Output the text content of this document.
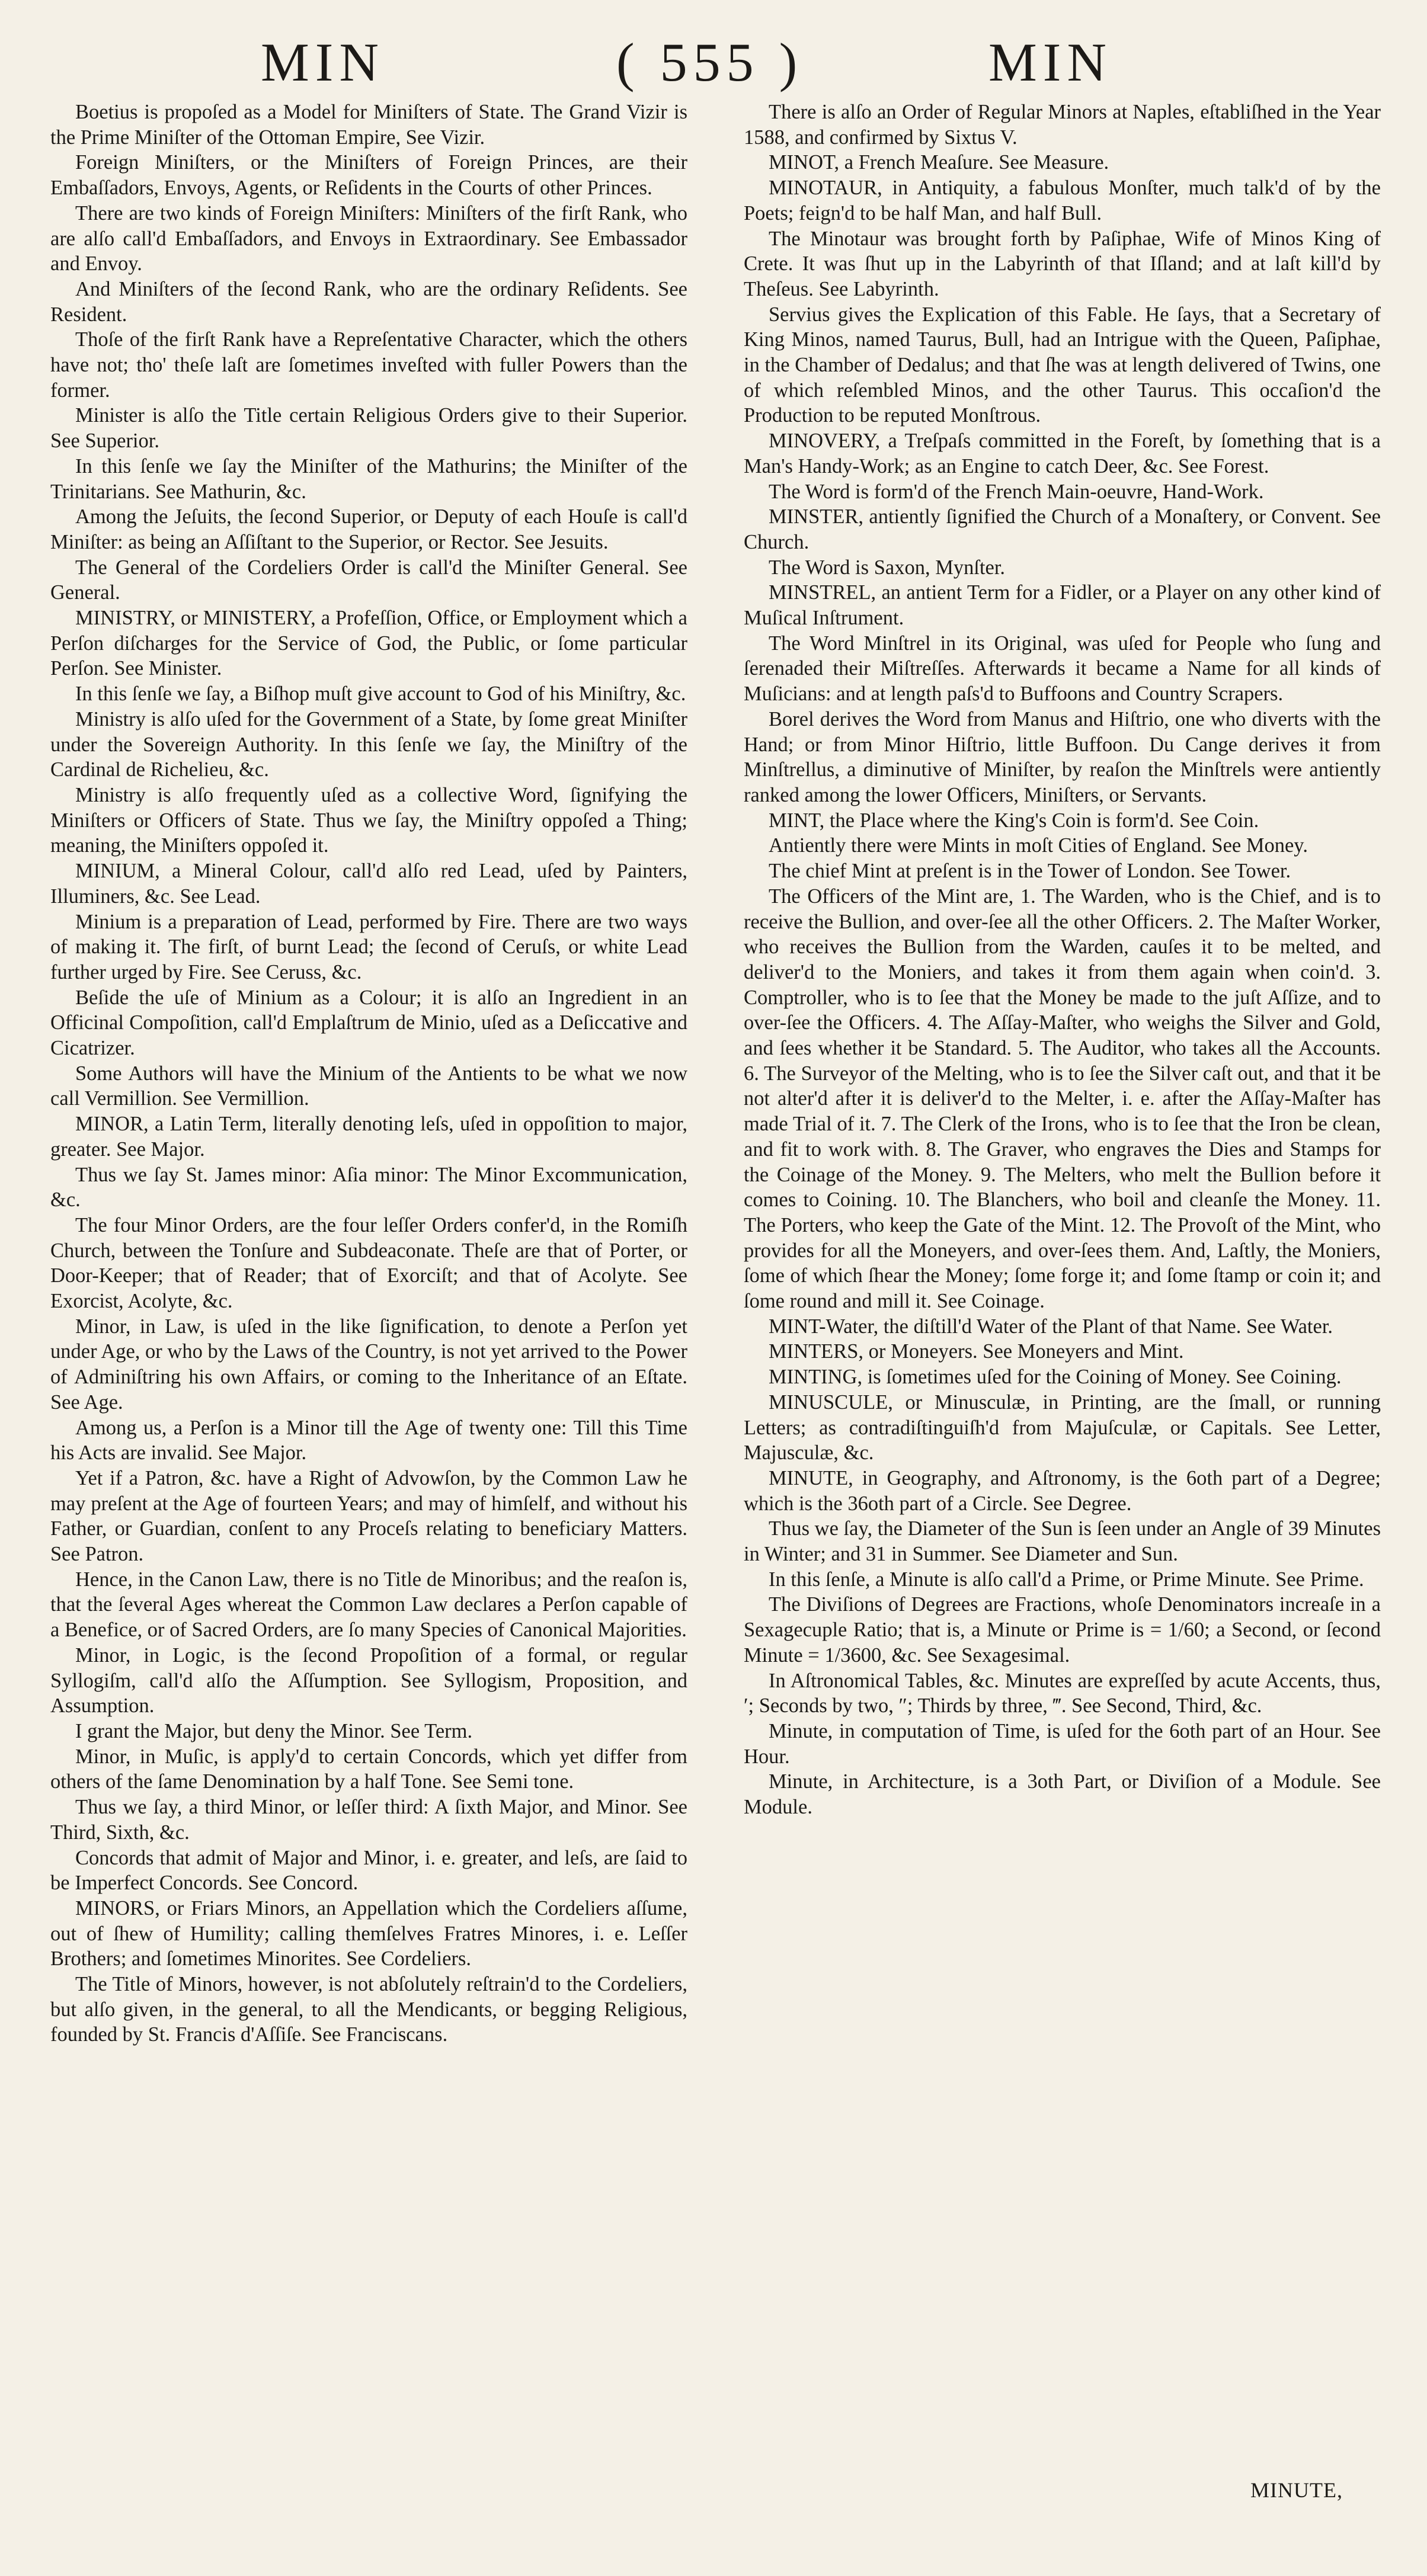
MIN	( 555 )	MIN

Boetius is propoſed as a Model for Miniſters of State. The Grand Vizir is the Prime Miniſter of the Ottoman Empire, See Vizir.

Foreign Miniſters, or the Miniſters of Foreign Princes, are their Embaſſadors, Envoys, Agents, or Reſidents in the Courts of other Princes.

There are two kinds of Foreign Miniſters: Miniſters of the firſt Rank, who are alſo call'd Embaſſadors, and Envoys in Extraordinary. See Embassador and Envoy.

And Miniſters of the ſecond Rank, who are the ordinary Reſidents. See Resident.

Thoſe of the firſt Rank have a Repreſentative Character, which the others have not; tho' theſe laſt are ſometimes inveſted with fuller Powers than the former.

Minister is alſo the Title certain Religious Orders give to their Superior. See Superior.

In this ſenſe we ſay the Miniſter of the Mathurins; the Miniſter of the Trinitarians. See Mathurin, &c.

Among the Jeſuits, the ſecond Superior, or Deputy of each Houſe is call'd Miniſter: as being an Aſſiſtant to the Superior, or Rector. See Jesuits.

The General of the Cordeliers Order is call'd the Miniſter General. See General.

MINISTRY, or MINISTERY, a Profeſſion, Office, or Employment which a Perſon diſcharges for the Service of God, the Public, or ſome particular Perſon. See Minister.

In this ſenſe we ſay, a Biſhop muſt give account to God of his Miniſtry, &c.

Ministry is alſo uſed for the Government of a State, by ſome great Miniſter under the Sovereign Authority. In this ſenſe we ſay, the Miniſtry of the Cardinal de Richelieu, &c.

Ministry is alſo frequently uſed as a collective Word, ſignifying the Miniſters or Officers of State. Thus we ſay, the Miniſtry oppoſed a Thing; meaning, the Miniſters oppoſed it.

MINIUM, a Mineral Colour, call'd alſo red Lead, uſed by Painters, Illuminers, &c. See Lead.

Minium is a preparation of Lead, performed by Fire. There are two ways of making it. The firſt, of burnt Lead; the ſecond of Ceruſs, or white Lead further urged by Fire. See Ceruss, &c.

Beſide the uſe of Minium as a Colour; it is alſo an Ingredient in an Officinal Compoſition, call'd Emplaſtrum de Minio, uſed as a Deſiccative and Cicatrizer.

Some Authors will have the Minium of the Antients to be what we now call Vermillion. See Vermillion.

MINOR, a Latin Term, literally denoting leſs, uſed in oppoſition to major, greater. See Major.

Thus we ſay St. James minor: Aſia minor: The Minor Excommunication, &c.

The four Minor Orders, are the four leſſer Orders confer'd, in the Romiſh Church, between the Tonſure and Subdeaconate. Theſe are that of Porter, or Door-Keeper; that of Reader; that of Exorciſt; and that of Acolyte. See Exorcist, Acolyte, &c.

Minor, in Law, is uſed in the like ſignification, to denote a Perſon yet under Age, or who by the Laws of the Country, is not yet arrived to the Power of Adminiſtring his own Affairs, or coming to the Inheritance of an Eſtate. See Age.

Among us, a Perſon is a Minor till the Age of twenty one: Till this Time his Acts are invalid. See Major.

Yet if a Patron, &c. have a Right of Advowſon, by the Common Law he may preſent at the Age of fourteen Years; and may of himſelf, and without his Father, or Guardian, conſent to any Proceſs relating to beneficiary Matters. See Patron.

Hence, in the Canon Law, there is no Title de Minoribus; and the reaſon is, that the ſeveral Ages whereat the Common Law declares a Perſon capable of a Benefice, or of Sacred Orders, are ſo many Species of Canonical Majorities.

Minor, in Logic, is the ſecond Propoſition of a formal, or regular Syllogiſm, call'd alſo the Aſſumption. See Syllogism, Proposition, and Assumption.

I grant the Major, but deny the Minor. See Term.

Minor, in Muſic, is apply'd to certain Concords, which yet differ from others of the ſame Denomination by a half Tone. See Semi tone.

Thus we ſay, a third Minor, or leſſer third: A ſixth Major, and Minor. See Third, Sixth, &c.

Concords that admit of Major and Minor, i. e. greater, and leſs, are ſaid to be Imperfect Concords. See Concord.

MINORS, or Friars Minors, an Appellation which the Cordeliers aſſume, out of ſhew of Humility; calling themſelves Fratres Minores, i. e. Leſſer Brothers; and ſometimes Minorites. See Cordeliers.

The Title of Minors, however, is not abſolutely reſtrain'd to the Cordeliers, but alſo given, in the general, to all the Mendicants, or begging Religious, founded by St. Francis d'Aſſiſe. See Franciscans.

There is alſo an Order of Regular Minors at Naples, eſtabliſhed in the Year 1588, and confirmed by Sixtus V.

MINOT, a French Meaſure. See Measure.

MINOTAUR, in Antiquity, a fabulous Monſter, much talk'd of by the Poets; feign'd to be half Man, and half Bull.

The Minotaur was brought forth by Paſiphae, Wife of Minos King of Crete. It was ſhut up in the Labyrinth of that Iſland; and at laſt kill'd by Theſeus. See Labyrinth.

Servius gives the Explication of this Fable. He ſays, that a Secretary of King Minos, named Taurus, Bull, had an Intrigue with the Queen, Paſiphae, in the Chamber of Dedalus; and that ſhe was at length delivered of Twins, one of which reſembled Minos, and the other Taurus. This occaſion'd the Production to be reputed Monſtrous.

MINOVERY, a Treſpaſs committed in the Foreſt, by ſomething that is a Man's Handy-Work; as an Engine to catch Deer, &c. See Forest.

The Word is form'd of the French Main-oeuvre, Hand-Work.

MINSTER, antiently ſignified the Church of a Monaſtery, or Convent. See Church.

The Word is Saxon, Mynſter.

MINSTREL, an antient Term for a Fidler, or a Player on any other kind of Muſical Inſtrument.

The Word Minſtrel in its Original, was uſed for People who ſung and ſerenaded their Miſtreſſes. Afterwards it became a Name for all kinds of Muſicians: and at length paſs'd to Buffoons and Country Scrapers.

Borel derives the Word from Manus and Hiſtrio, one who diverts with the Hand; or from Minor Hiſtrio, little Buffoon. Du Cange derives it from Minſtrellus, a diminutive of Miniſter, by reaſon the Minſtrels were antiently ranked among the lower Officers, Miniſters, or Servants.

MINT, the Place where the King's Coin is form'd. See Coin.

Antiently there were Mints in moſt Cities of England. See Money.

The chief Mint at preſent is in the Tower of London. See Tower.

The Officers of the Mint are, 1. The Warden, who is the Chief, and is to receive the Bullion, and over-ſee all the other Officers. 2. The Maſter Worker, who receives the Bullion from the Warden, cauſes it to be melted, and deliver'd to the Moniers, and takes it from them again when coin'd. 3. Comptroller, who is to ſee that the Money be made to the juſt Aſſize, and to over-ſee the Officers. 4. The Aſſay-Maſter, who weighs the Silver and Gold, and ſees whether it be Standard. 5. The Auditor, who takes all the Accounts. 6. The Surveyor of the Melting, who is to ſee the Silver caſt out, and that it be not alter'd after it is deliver'd to the Melter, i. e. after the Aſſay-Maſter has made Trial of it. 7. The Clerk of the Irons, who is to ſee that the Iron be clean, and fit to work with. 8. The Graver, who engraves the Dies and Stamps for the Coinage of the Money. 9. The Melters, who melt the Bullion before it comes to Coining. 10. The Blanchers, who boil and cleanſe the Money. 11. The Porters, who keep the Gate of the Mint. 12. The Provoſt of the Mint, who provides for all the Moneyers, and over-ſees them. And, Laſtly, the Moniers, ſome of which ſhear the Money; ſome forge it; and ſome ſtamp or coin it; and ſome round and mill it. See Coinage.

MINT-Water, the diſtill'd Water of the Plant of that Name. See Water.

MINTERS, or Moneyers. See Moneyers and Mint.

MINTING, is ſometimes uſed for the Coining of Money. See Coining.

MINUSCULE, or Minusculæ, in Printing, are the ſmall, or running Letters; as contradiſtinguiſh'd from Majuſculæ, or Capitals. See Letter, Majusculæ, &c.

MINUTE, in Geography, and Aſtronomy, is the 6oth part of a Degree; which is the 36oth part of a Circle. See Degree.

Thus we ſay, the Diameter of the Sun is ſeen under an Angle of 39 Minutes in Winter; and 31 in Summer. See Diameter and Sun.

In this ſenſe, a Minute is alſo call'd a Prime, or Prime Minute. See Prime.

The Diviſions of Degrees are Fractions, whoſe Denominators increaſe in a Sexagecuple Ratio; that is, a Minute or Prime is = 1/60; a Second, or ſecond Minute = 1/3600, &c. See Sexagesimal.

In Aſtronomical Tables, &c. Minutes are expreſſed by acute Accents, thus, ′; Seconds by two, ″; Thirds by three, ‴. See Second, Third, &c.

Minute, in computation of Time, is uſed for the 6oth part of an Hour. See Hour.

Minute, in Architecture, is a 3oth Part, or Diviſion of a Module. See Module.

MINUTE,
